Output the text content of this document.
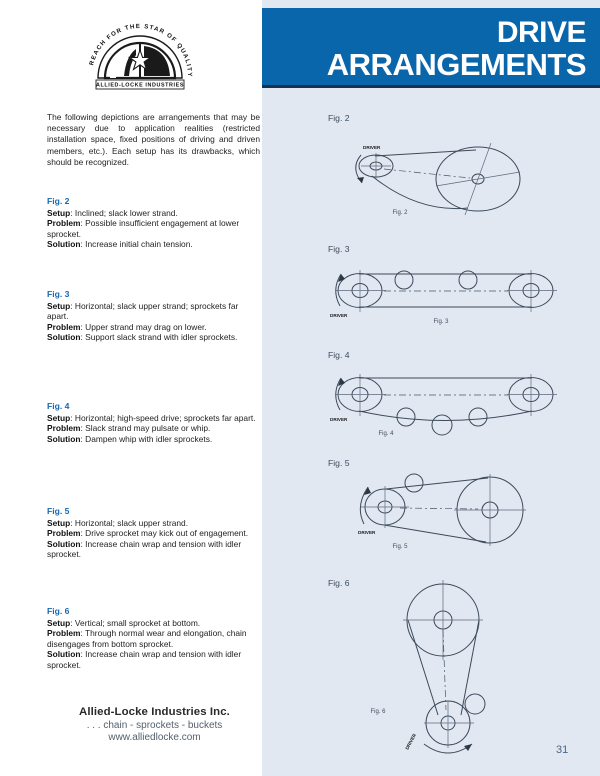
DRIVE
ARRANGEMENTS
REACH FOR THE STAR OF QUALITY
ALLIED-LOCKE INDUSTRIES

The following depictions are arrangements that may be necessary due to application realities (restricted installation space, fixed positions of driving and driven members, etc.). Each setup has its drawbacks, which should be recognized.

Fig. 2
Setup: Inclined; slack lower strand.
Problem: Possible insufficient engagement at lower sprocket.
Solution: Increase initial chain tension.
Fig. 3
Setup: Horizontal; slack upper strand; sprockets far apart.
Problem: Upper strand may drag on lower.
Solution: Support slack strand with idler sprockets.
Fig. 4
Setup: Horizontal; high-speed drive; sprockets far apart.
Problem: Slack strand may pulsate or whip.
Solution: Dampen whip with idler sprockets.
Fig. 5
Setup: Horizontal; slack upper strand.
Problem: Drive sprocket may kick out of engagement.
Solution: Increase chain wrap and tension with idler sprocket.
Fig. 6
Setup: Vertical; small sprocket at bottom.
Problem: Through normal wear and elongation, chain disengages from bottom sprocket.
Solution: Increase chain wrap and tension with idler sprocket.
Fig. 2
DRIVER
Fig. 2
Fig. 3
DRIVER
Fig. 3
Fig. 4
DRIVER
Fig. 4
Fig. 5
DRIVER
Fig. 5
Fig. 6
DRIVER
Fig. 6
Allied-Locke Industries Inc.
. . . chain - sprockets - buckets
www.alliedlocke.com
31
